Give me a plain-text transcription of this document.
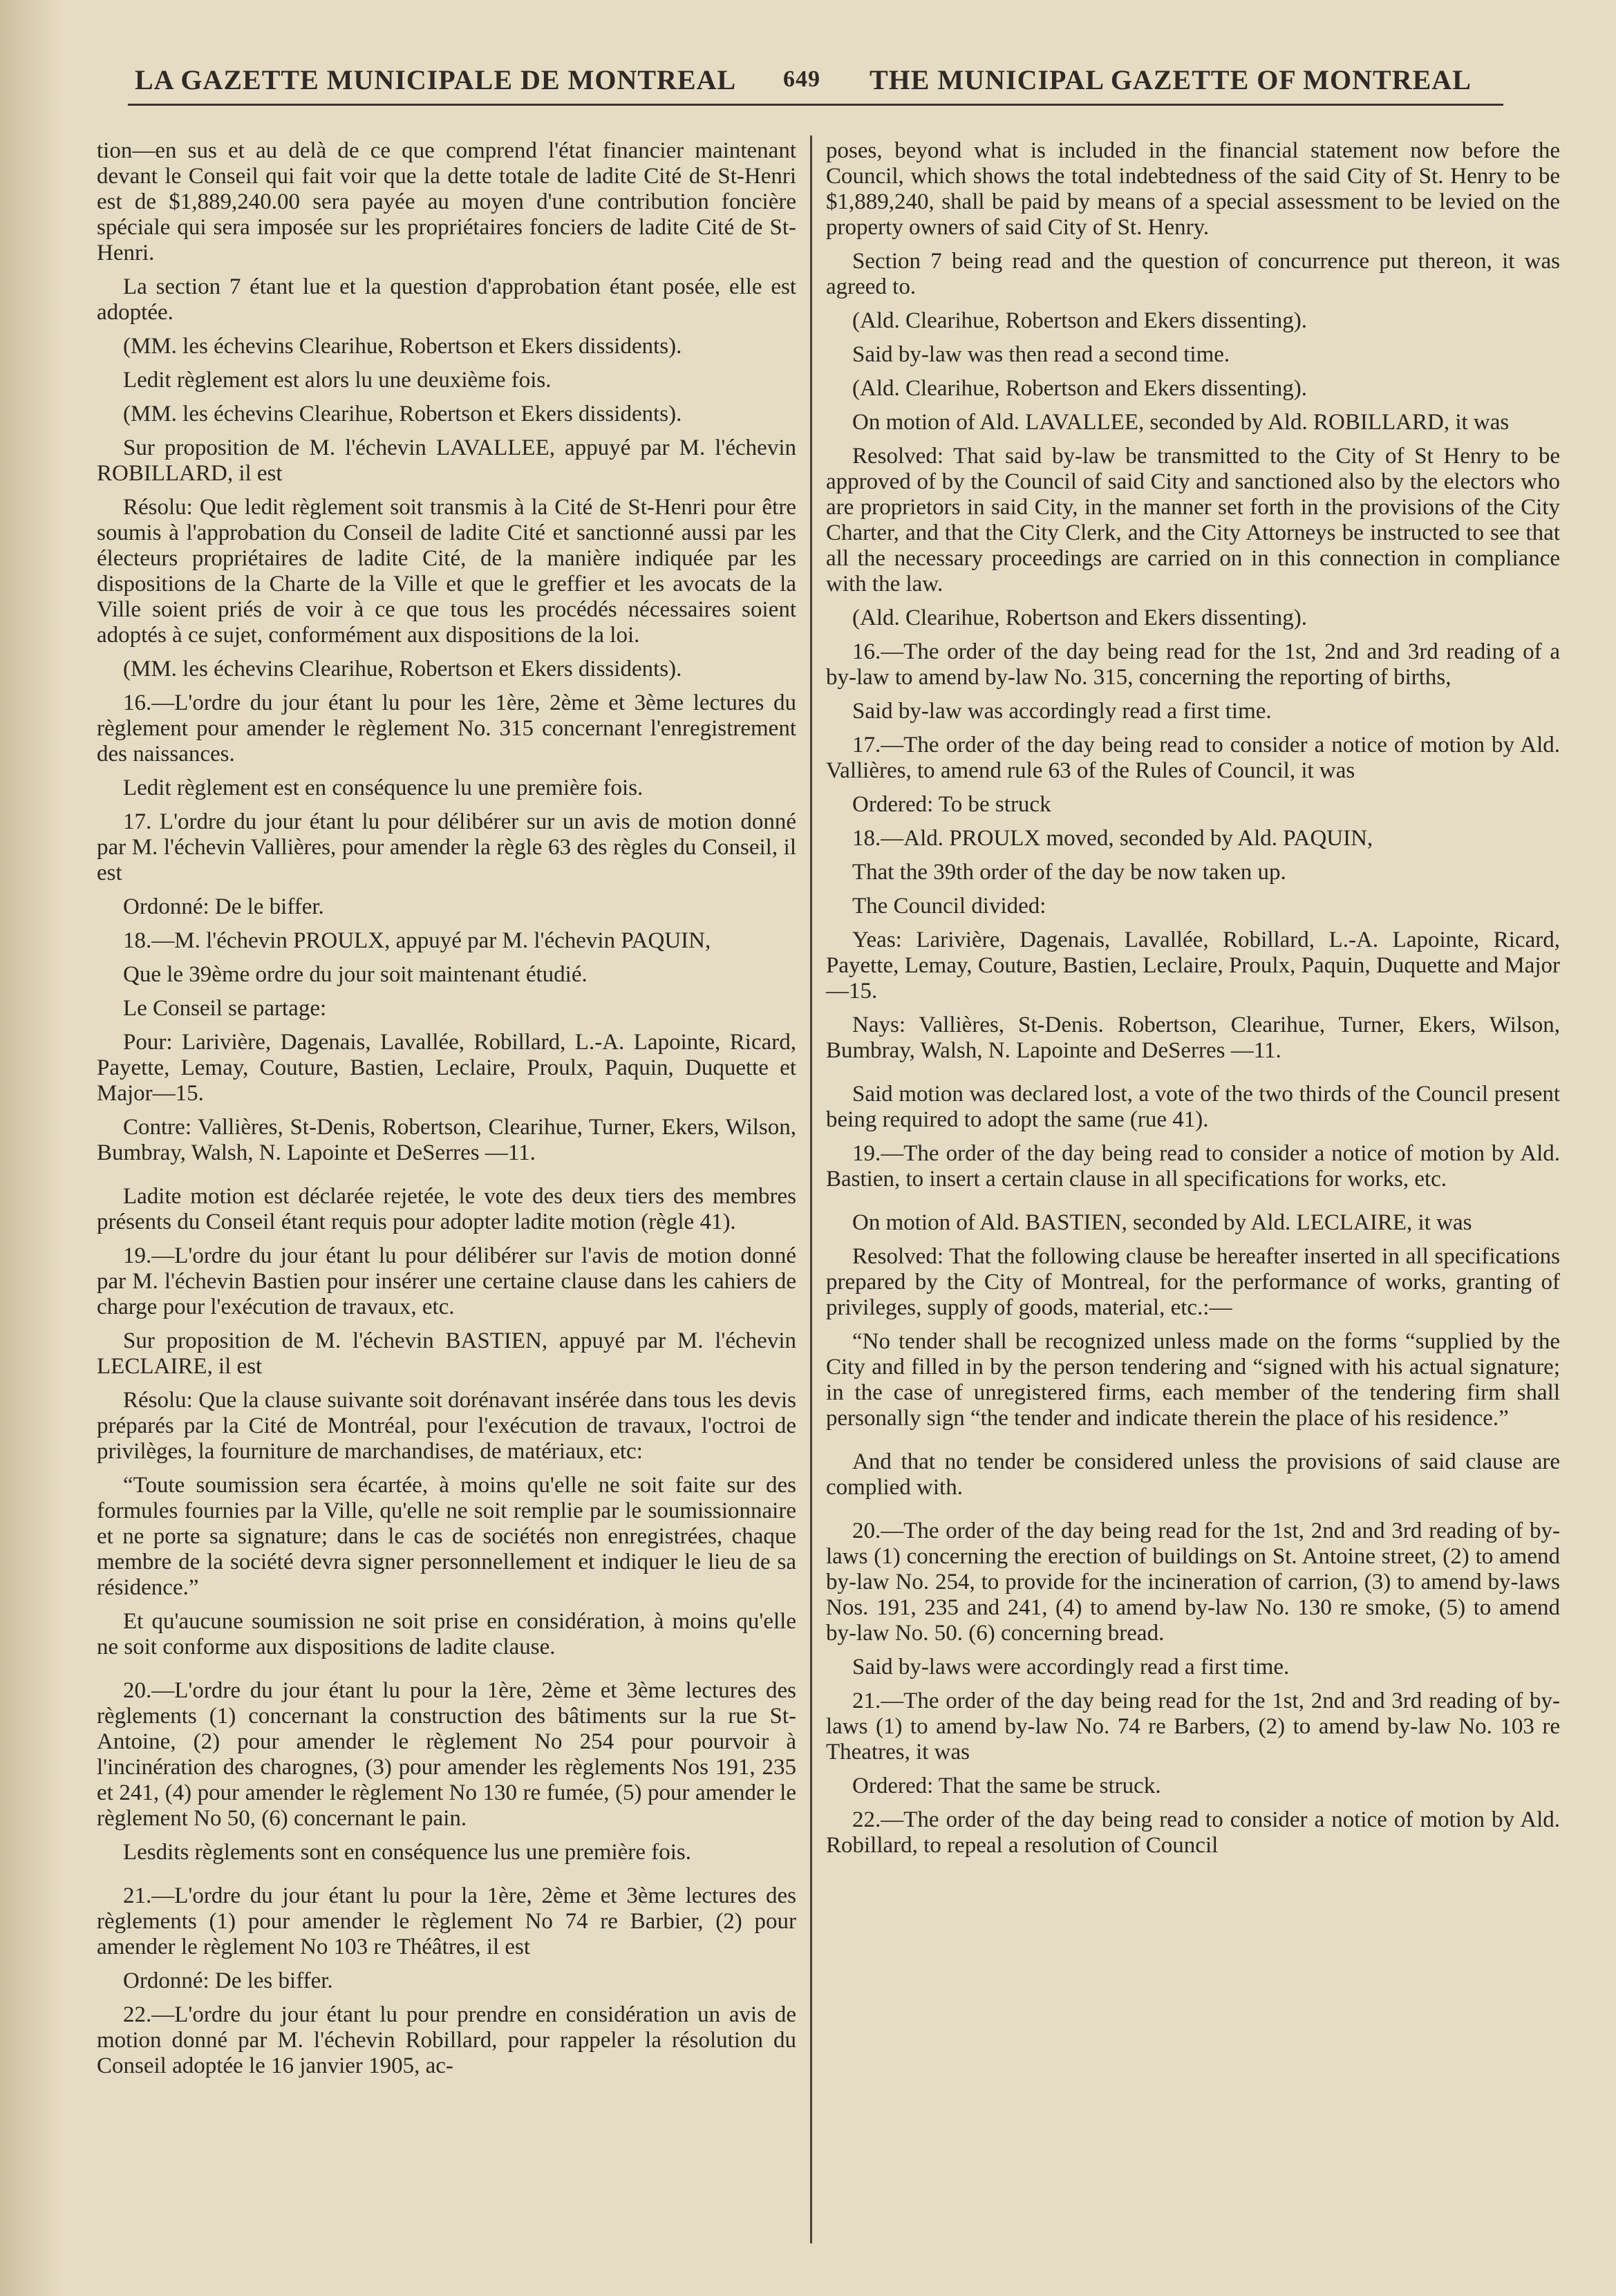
LA GAZETTE MUNICIPALE DE MONTREAL 649 THE MUNICIPAL GAZETTE OF MONTREAL

tion—en sus et au delà de ce que comprend l'état financier maintenant devant le Conseil qui fait voir que la dette totale de ladite Cité de St-Henri est de $1,889,240.00 sera payée au moyen d'une contribution foncière spéciale qui sera imposée sur les propriétaires fonciers de ladite Cité de St-Henri.

La section 7 étant lue et la question d'approbation étant posée, elle est adoptée.

(MM. les échevins Clearihue, Robertson et Ekers dissidents).

Ledit règlement est alors lu une deuxième fois.

(MM. les échevins Clearihue, Robertson et Ekers dissidents).

Sur proposition de M. l'échevin LAVALLEE, appuyé par M. l'échevin ROBILLARD, il est

Résolu: Que ledit règlement soit transmis à la Cité de St-Henri pour être soumis à l'approbation du Conseil de ladite Cité et sanctionné aussi par les électeurs propriétaires de ladite Cité, de la manière indiquée par les dispositions de la Charte de la Ville et que le greffier et les avocats de la Ville soient priés de voir à ce que tous les procédés nécessaires soient adoptés à ce sujet, conformément aux dispositions de la loi.

(MM. les échevins Clearihue, Robertson et Ekers dissidents).

16.—L'ordre du jour étant lu pour les 1ère, 2ème et 3ème lectures du règlement pour amender le règlement No. 315 concernant l'enregistrement des naissances.

Ledit règlement est en conséquence lu une première fois.

17. L'ordre du jour étant lu pour délibérer sur un avis de motion donné par M. l'échevin Vallières, pour amender la règle 63 des règles du Conseil, il est

Ordonné: De le biffer.

18.—M. l'échevin PROULX, appuyé par M. l'échevin PAQUIN,

Que le 39ème ordre du jour soit maintenant étudié.

Le Conseil se partage:

Pour: Larivière, Dagenais, Lavallée, Robillard, L.-A. Lapointe, Ricard, Payette, Lemay, Couture, Bastien, Leclaire, Proulx, Paquin, Duquette et Major—15.

Contre: Vallières, St-Denis, Robertson, Clearihue, Turner, Ekers, Wilson, Bumbray, Walsh, N. Lapointe et DeSerres —11.

Ladite motion est déclarée rejetée, le vote des deux tiers des membres présents du Conseil étant requis pour adopter ladite motion (règle 41).

19.—L'ordre du jour étant lu pour délibérer sur l'avis de motion donné par M. l'échevin Bastien pour insérer une certaine clause dans les cahiers de charge pour l'exécution de travaux, etc.

Sur proposition de M. l'échevin BASTIEN, appuyé par M. l'échevin LECLAIRE, il est

Résolu: Que la clause suivante soit dorénavant insérée dans tous les devis préparés par la Cité de Montréal, pour l'exécution de travaux, l'octroi de privilèges, la fourniture de marchandises, de matériaux, etc:

“Toute soumission sera écartée, à moins qu'elle ne soit faite sur des formules fournies par la Ville, qu'elle ne soit remplie par le soumissionnaire et ne porte sa signature; dans le cas de sociétés non enregistrées, chaque membre de la société devra signer personnellement et indiquer le lieu de sa résidence.”

Et qu'aucune soumission ne soit prise en considération, à moins qu'elle ne soit conforme aux dispositions de ladite clause.

20.—L'ordre du jour étant lu pour la 1ère, 2ème et 3ème lectures des règlements (1) concernant la construction des bâtiments sur la rue St-Antoine, (2) pour amender le règlement No 254 pour pourvoir à l'incinération des charognes, (3) pour amender les règlements Nos 191, 235 et 241, (4) pour amender le règlement No 130 re fumée, (5) pour amender le règlement No 50, (6) concernant le pain.

Lesdits règlements sont en conséquence lus une première fois.

21.—L'ordre du jour étant lu pour la 1ère, 2ème et 3ème lectures des règlements (1) pour amender le règlement No 74 re Barbier, (2) pour amender le règlement No 103 re Théâtres, il est

Ordonné: De les biffer.

22.—L'ordre du jour étant lu pour prendre en considération un avis de motion donné par M. l'échevin Robillard, pour rappeler la résolution du Conseil adoptée le 16 janvier 1905, ac-

poses, beyond what is included in the financial statement now before the Council, which shows the total indebtedness of the said City of St. Henry to be $1,889,240, shall be paid by means of a special assessment to be levied on the property owners of said City of St. Henry.

Section 7 being read and the question of concurrence put thereon, it was agreed to.

(Ald. Clearihue, Robertson and Ekers dissenting).

Said by-law was then read a second time.

(Ald. Clearihue, Robertson and Ekers dissenting).

On motion of Ald. LAVALLEE, seconded by Ald. ROBILLARD, it was

Resolved: That said by-law be transmitted to the City of St Henry to be approved of by the Council of said City and sanctioned also by the electors who are proprietors in said City, in the manner set forth in the provisions of the City Charter, and that the City Clerk, and the City Attorneys be instructed to see that all the necessary proceedings are carried on in this connection in compliance with the law.

(Ald. Clearihue, Robertson and Ekers dissenting).

16.—The order of the day being read for the 1st, 2nd and 3rd reading of a by-law to amend by-law No. 315, concerning the reporting of births,

Said by-law was accordingly read a first time.

17.—The order of the day being read to consider a notice of motion by Ald. Vallières, to amend rule 63 of the Rules of Council, it was

Ordered: To be struck

18.—Ald. PROULX moved, seconded by Ald. PAQUIN,

That the 39th order of the day be now taken up.

The Council divided:

Yeas: Larivière, Dagenais, Lavallée, Robillard, L.-A. Lapointe, Ricard, Payette, Lemay, Couture, Bastien, Leclaire, Proulx, Paquin, Duquette and Major—15.

Nays: Vallières, St-Denis. Robertson, Clearihue, Turner, Ekers, Wilson, Bumbray, Walsh, N. Lapointe and DeSerres —11.

Said motion was declared lost, a vote of the two thirds of the Council present being required to adopt the same (rue 41).

19.—The order of the day being read to consider a notice of motion by Ald. Bastien, to insert a certain clause in all specifications for works, etc.

On motion of Ald. BASTIEN, seconded by Ald. LECLAIRE, it was

Resolved: That the following clause be hereafter inserted in all specifications prepared by the City of Montreal, for the performance of works, granting of privileges, supply of goods, material, etc.:—

“No tender shall be recognized unless made on the forms “supplied by the City and filled in by the person tendering and “signed with his actual signature; in the case of unregistered firms, each member of the tendering firm shall personally sign “the tender and indicate therein the place of his residence.”

And that no tender be considered unless the provisions of said clause are complied with.

20.—The order of the day being read for the 1st, 2nd and 3rd reading of by-laws (1) concerning the erection of buildings on St. Antoine street, (2) to amend by-law No. 254, to provide for the incineration of carrion, (3) to amend by-laws Nos. 191, 235 and 241, (4) to amend by-law No. 130 re smoke, (5) to amend by-law No. 50. (6) concerning bread.

Said by-laws were accordingly read a first time.

21.—The order of the day being read for the 1st, 2nd and 3rd reading of by-laws (1) to amend by-law No. 74 re Barbers, (2) to amend by-law No. 103 re Theatres, it was

Ordered: That the same be struck.

22.—The order of the day being read to consider a notice of motion by Ald. Robillard, to repeal a resolution of Council
